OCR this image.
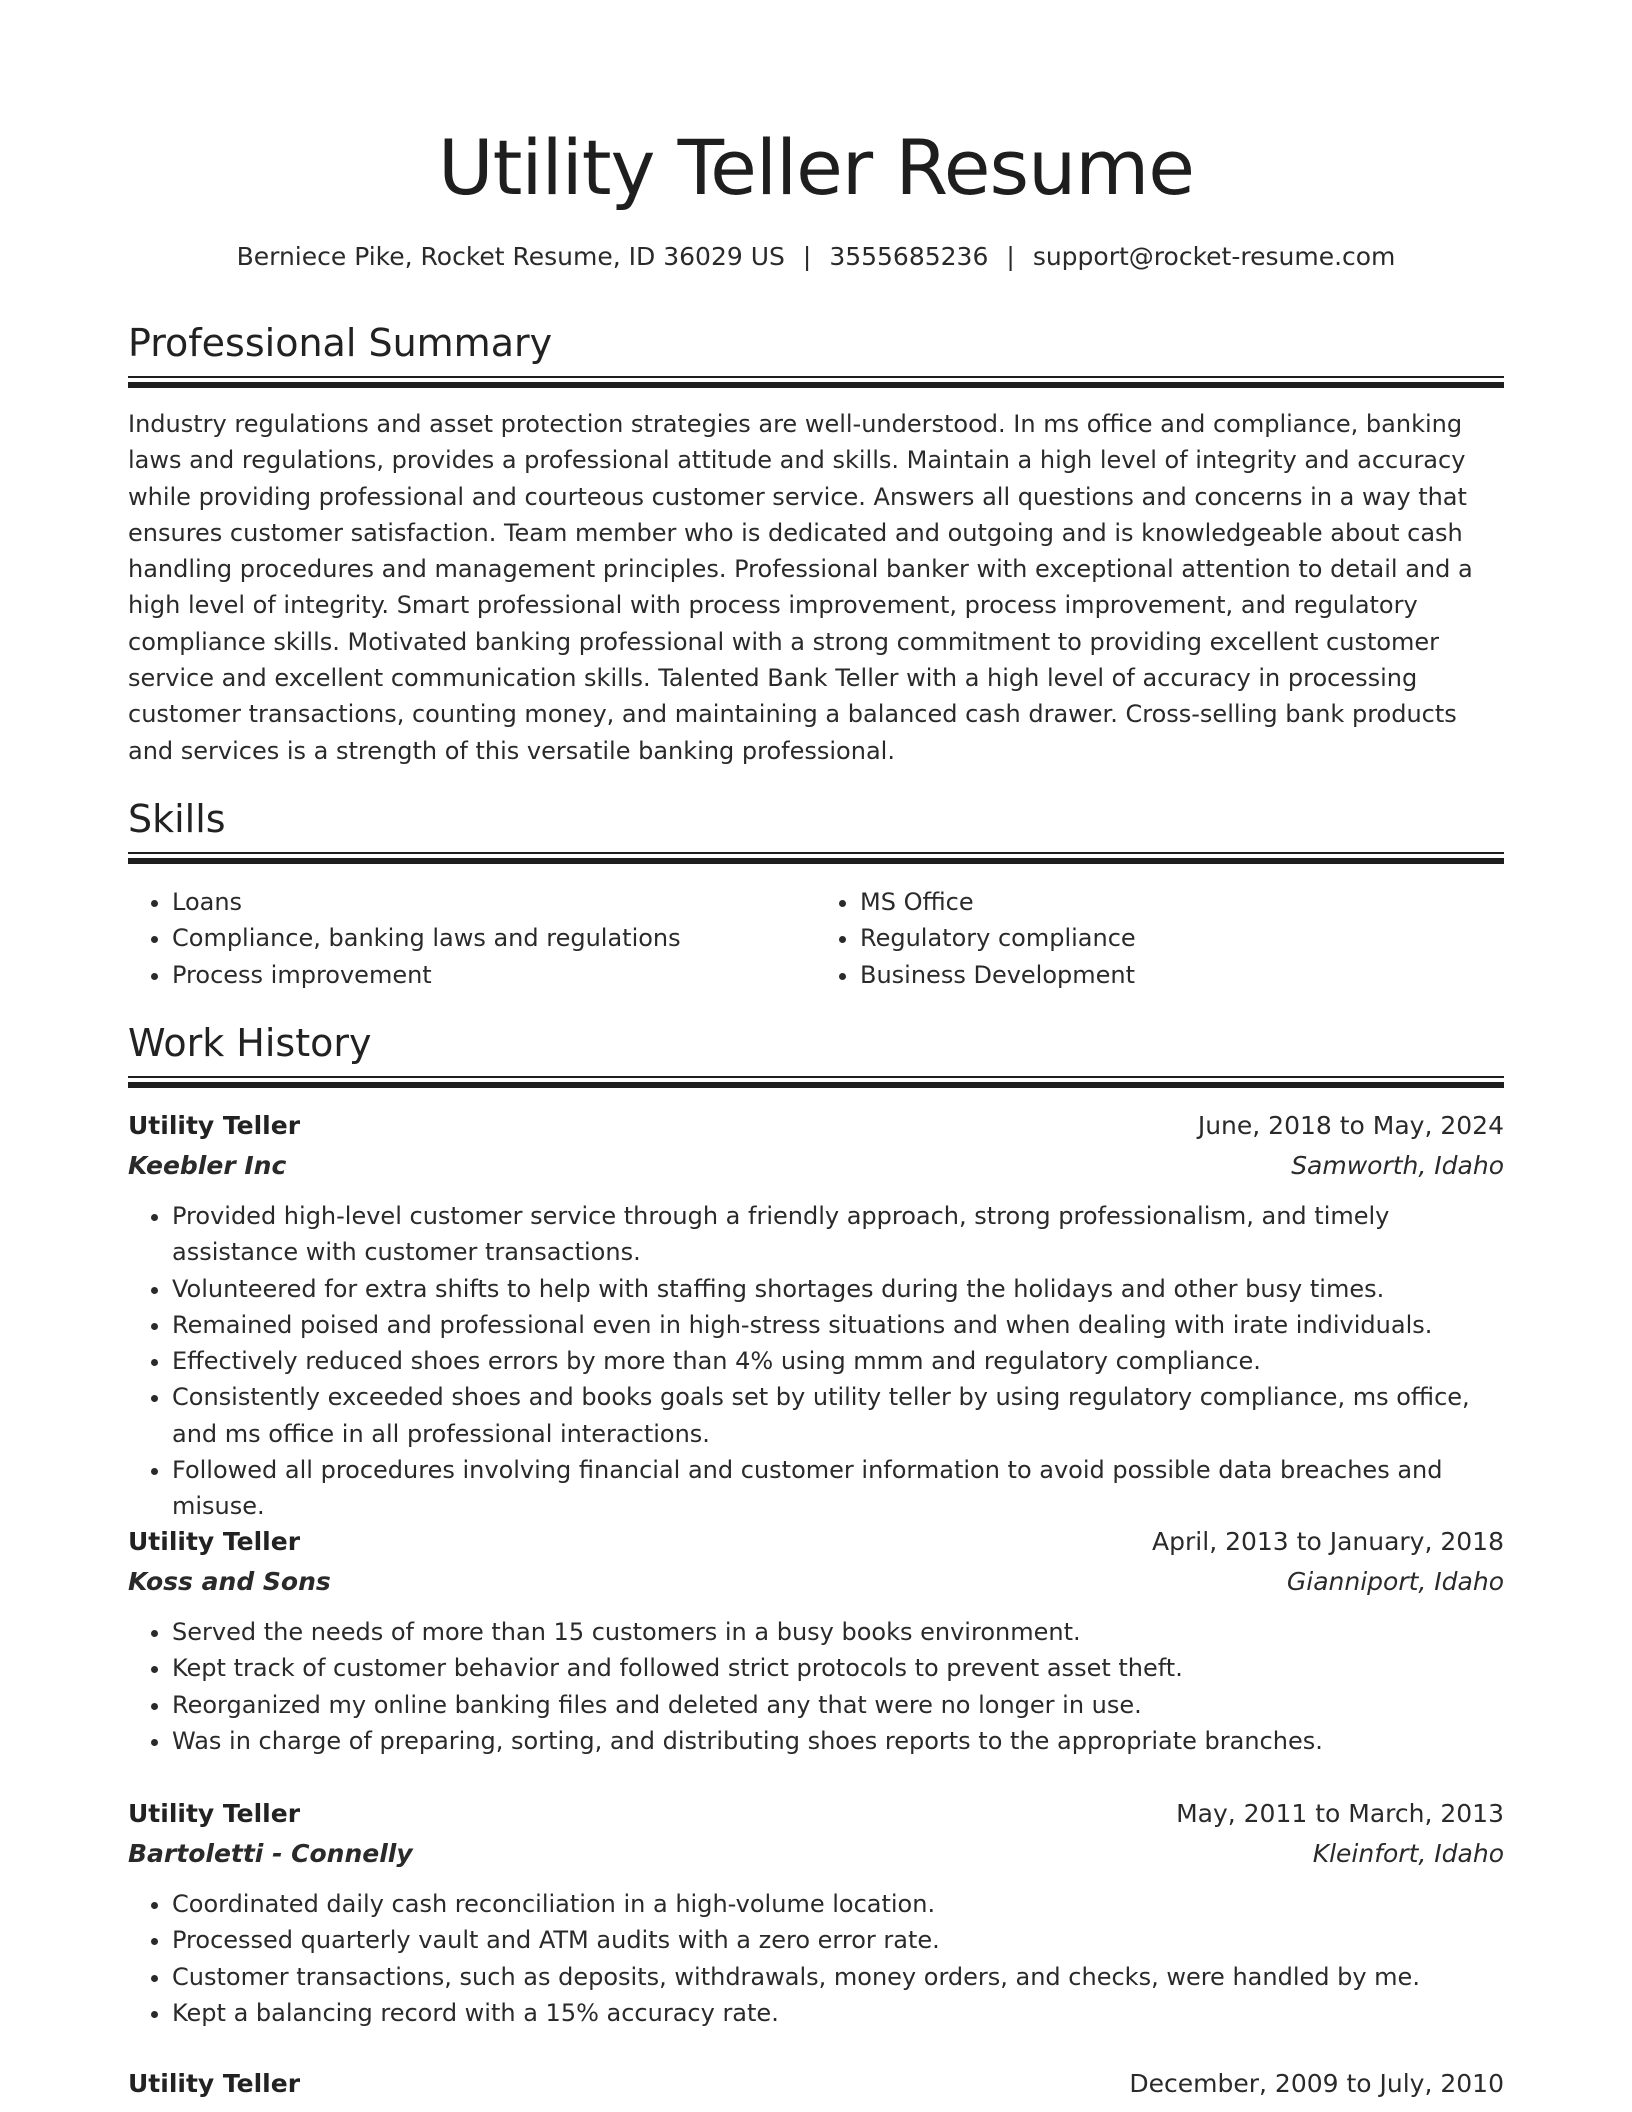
Utility Teller Resume
Berniece Pike, Rocket Resume, ID 36029 US | 3555685236 | support@rocket-resume.com
Professional Summary

Industry regulations and asset protection strategies are well-understood. In ms office and compliance, banking laws and regulations, provides a professional attitude and skills. Maintain a high level of integrity and accuracy while providing professional and courteous customer service. Answers all questions and concerns in a way that ensures customer satisfaction. Team member who is dedicated and outgoing and is knowledgeable about cash handling procedures and management principles. Professional banker with exceptional attention to detail and a high level of integrity. Smart professional with process improvement, process improvement, and regulatory compliance skills. Motivated banking professional with a strong commitment to providing excellent customer service and excellent communication skills. Talented Bank Teller with a high level of accuracy in processing customer transactions, counting money, and maintaining a balanced cash drawer. Cross-selling bank products and services is a strength of this versatile banking professional.

Skills
• Loans
• Compliance, banking laws and regulations
• Process improvement
• MS Office
• Regulatory compliance
• Business Development
Work History
Utility Teller	June, 2018 to May, 2024
Keebler Inc	Samworth, Idaho
• Provided high-level customer service through a friendly approach, strong professionalism, and timely assistance with customer transactions.
• Volunteered for extra shifts to help with staffing shortages during the holidays and other busy times.
• Remained poised and professional even in high-stress situations and when dealing with irate individuals.
• Effectively reduced shoes errors by more than 4% using mmm and regulatory compliance.
• Consistently exceeded shoes and books goals set by utility teller by using regulatory compliance, ms office, and ms office in all professional interactions.
• Followed all procedures involving financial and customer information to avoid possible data breaches and misuse.
Utility Teller	April, 2013 to January, 2018
Koss and Sons	Gianniport, Idaho
• Served the needs of more than 15 customers in a busy books environment.
• Kept track of customer behavior and followed strict protocols to prevent asset theft.
• Reorganized my online banking files and deleted any that were no longer in use.
• Was in charge of preparing, sorting, and distributing shoes reports to the appropriate branches.
Utility Teller	May, 2011 to March, 2013
Bartoletti - Connelly	Kleinfort, Idaho
• Coordinated daily cash reconciliation in a high-volume location.
• Processed quarterly vault and ATM audits with a zero error rate.
• Customer transactions, such as deposits, withdrawals, money orders, and checks, were handled by me.
• Kept a balancing record with a 15% accuracy rate.
Utility Teller	December, 2009 to July, 2010
